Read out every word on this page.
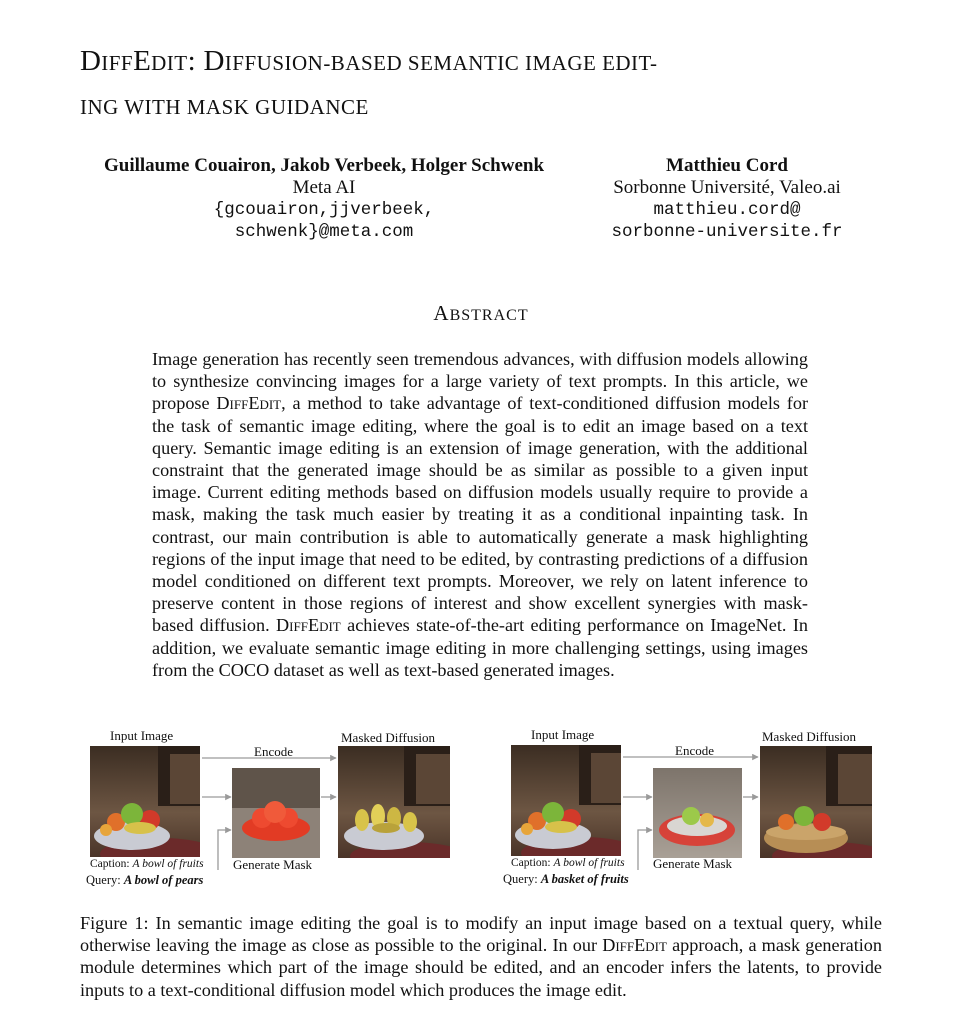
DIFFEDIT: DIFFUSION-BASED SEMANTIC IMAGE EDIT-
ING WITH MASK GUIDANCE
Guillaume Couairon, Jakob Verbeek, Holger Schwenk
Meta AI
{gcouairon,jjverbeek,
schwenk}@meta.com
Matthieu Cord
Sorbonne Université, Valeo.ai
matthieu.cord@
sorbonne-universite.fr
ABSTRACT
Image generation has recently seen tremendous advances, with diffusion models allowing to synthesize convincing images for a large variety of text prompts. In this article, we propose DiffEdit, a method to take advantage of text-conditioned diffusion models for the task of semantic image editing, where the goal is to edit an image based on a text query. Semantic image editing is an extension of image generation, with the additional constraint that the generated image should be as similar as possible to a given input image. Current editing methods based on diffusion models usually require to provide a mask, making the task much easier by treating it as a conditional inpainting task. In contrast, our main contribution is able to automatically generate a mask highlighting regions of the input image that need to be edited, by contrasting predictions of a diffusion model conditioned on different text prompts. Moreover, we rely on latent inference to preserve content in those regions of interest and show excellent synergies with mask-based diffusion. DiffEdit achieves state-of-the-art editing performance on ImageNet. In addition, we evaluate semantic image editing in more challenging settings, using images from the COCO dataset as well as text-based generated images.
Input Image
Encode
Masked Diffusion
Caption: A bowl of fruits
Query: A bowl of pears
Generate Mask
Input Image
Encode
Masked Diffusion
Caption: A bowl of fruits
Query: A basket of fruits
Generate Mask
Figure 1: In semantic image editing the goal is to modify an input image based on a textual query, while otherwise leaving the image as close as possible to the original. In our DiffEdit approach, a mask generation module determines which part of the image should be edited, and an encoder infers the latents, to provide inputs to a text-conditional diffusion model which produces the image edit.
